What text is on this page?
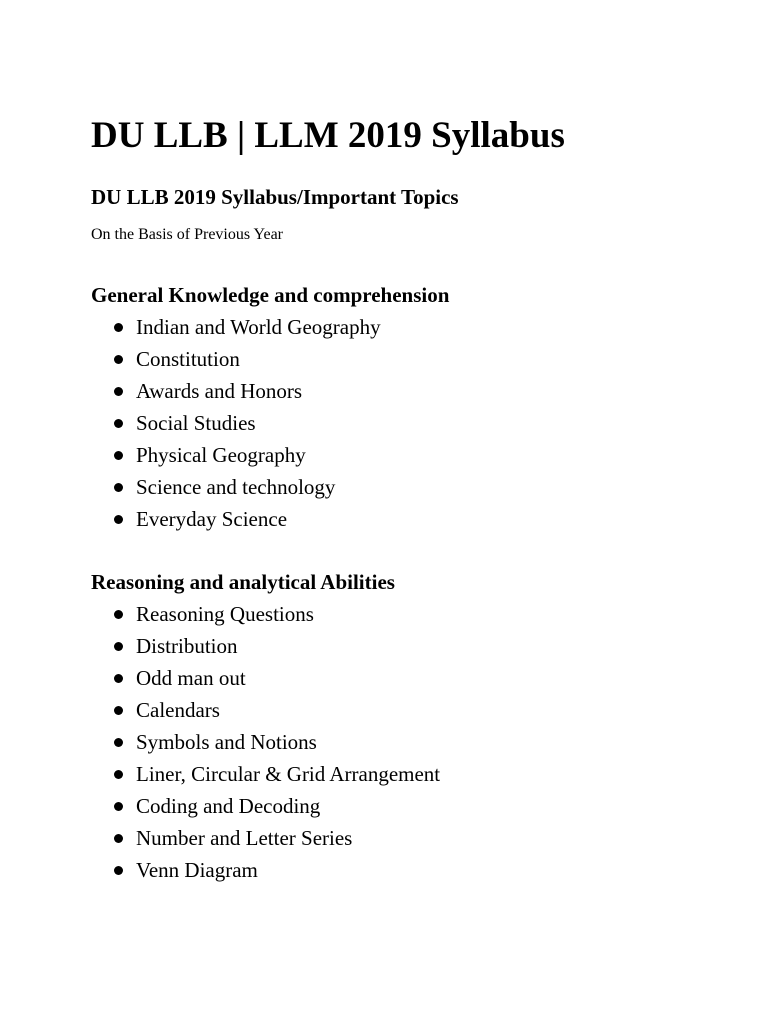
DU LLB | LLM 2019 Syllabus
DU LLB 2019 Syllabus/Important Topics

On the Basis of Previous Year

General Knowledge and comprehension
Indian and World Geography
Constitution
Awards and Honors
Social Studies
Physical Geography
Science and technology
Everyday Science
Reasoning and analytical Abilities
Reasoning Questions
Distribution
Odd man out
Calendars
Symbols and Notions
Liner, Circular & Grid Arrangement
Coding and Decoding
Number and Letter Series
Venn Diagram
